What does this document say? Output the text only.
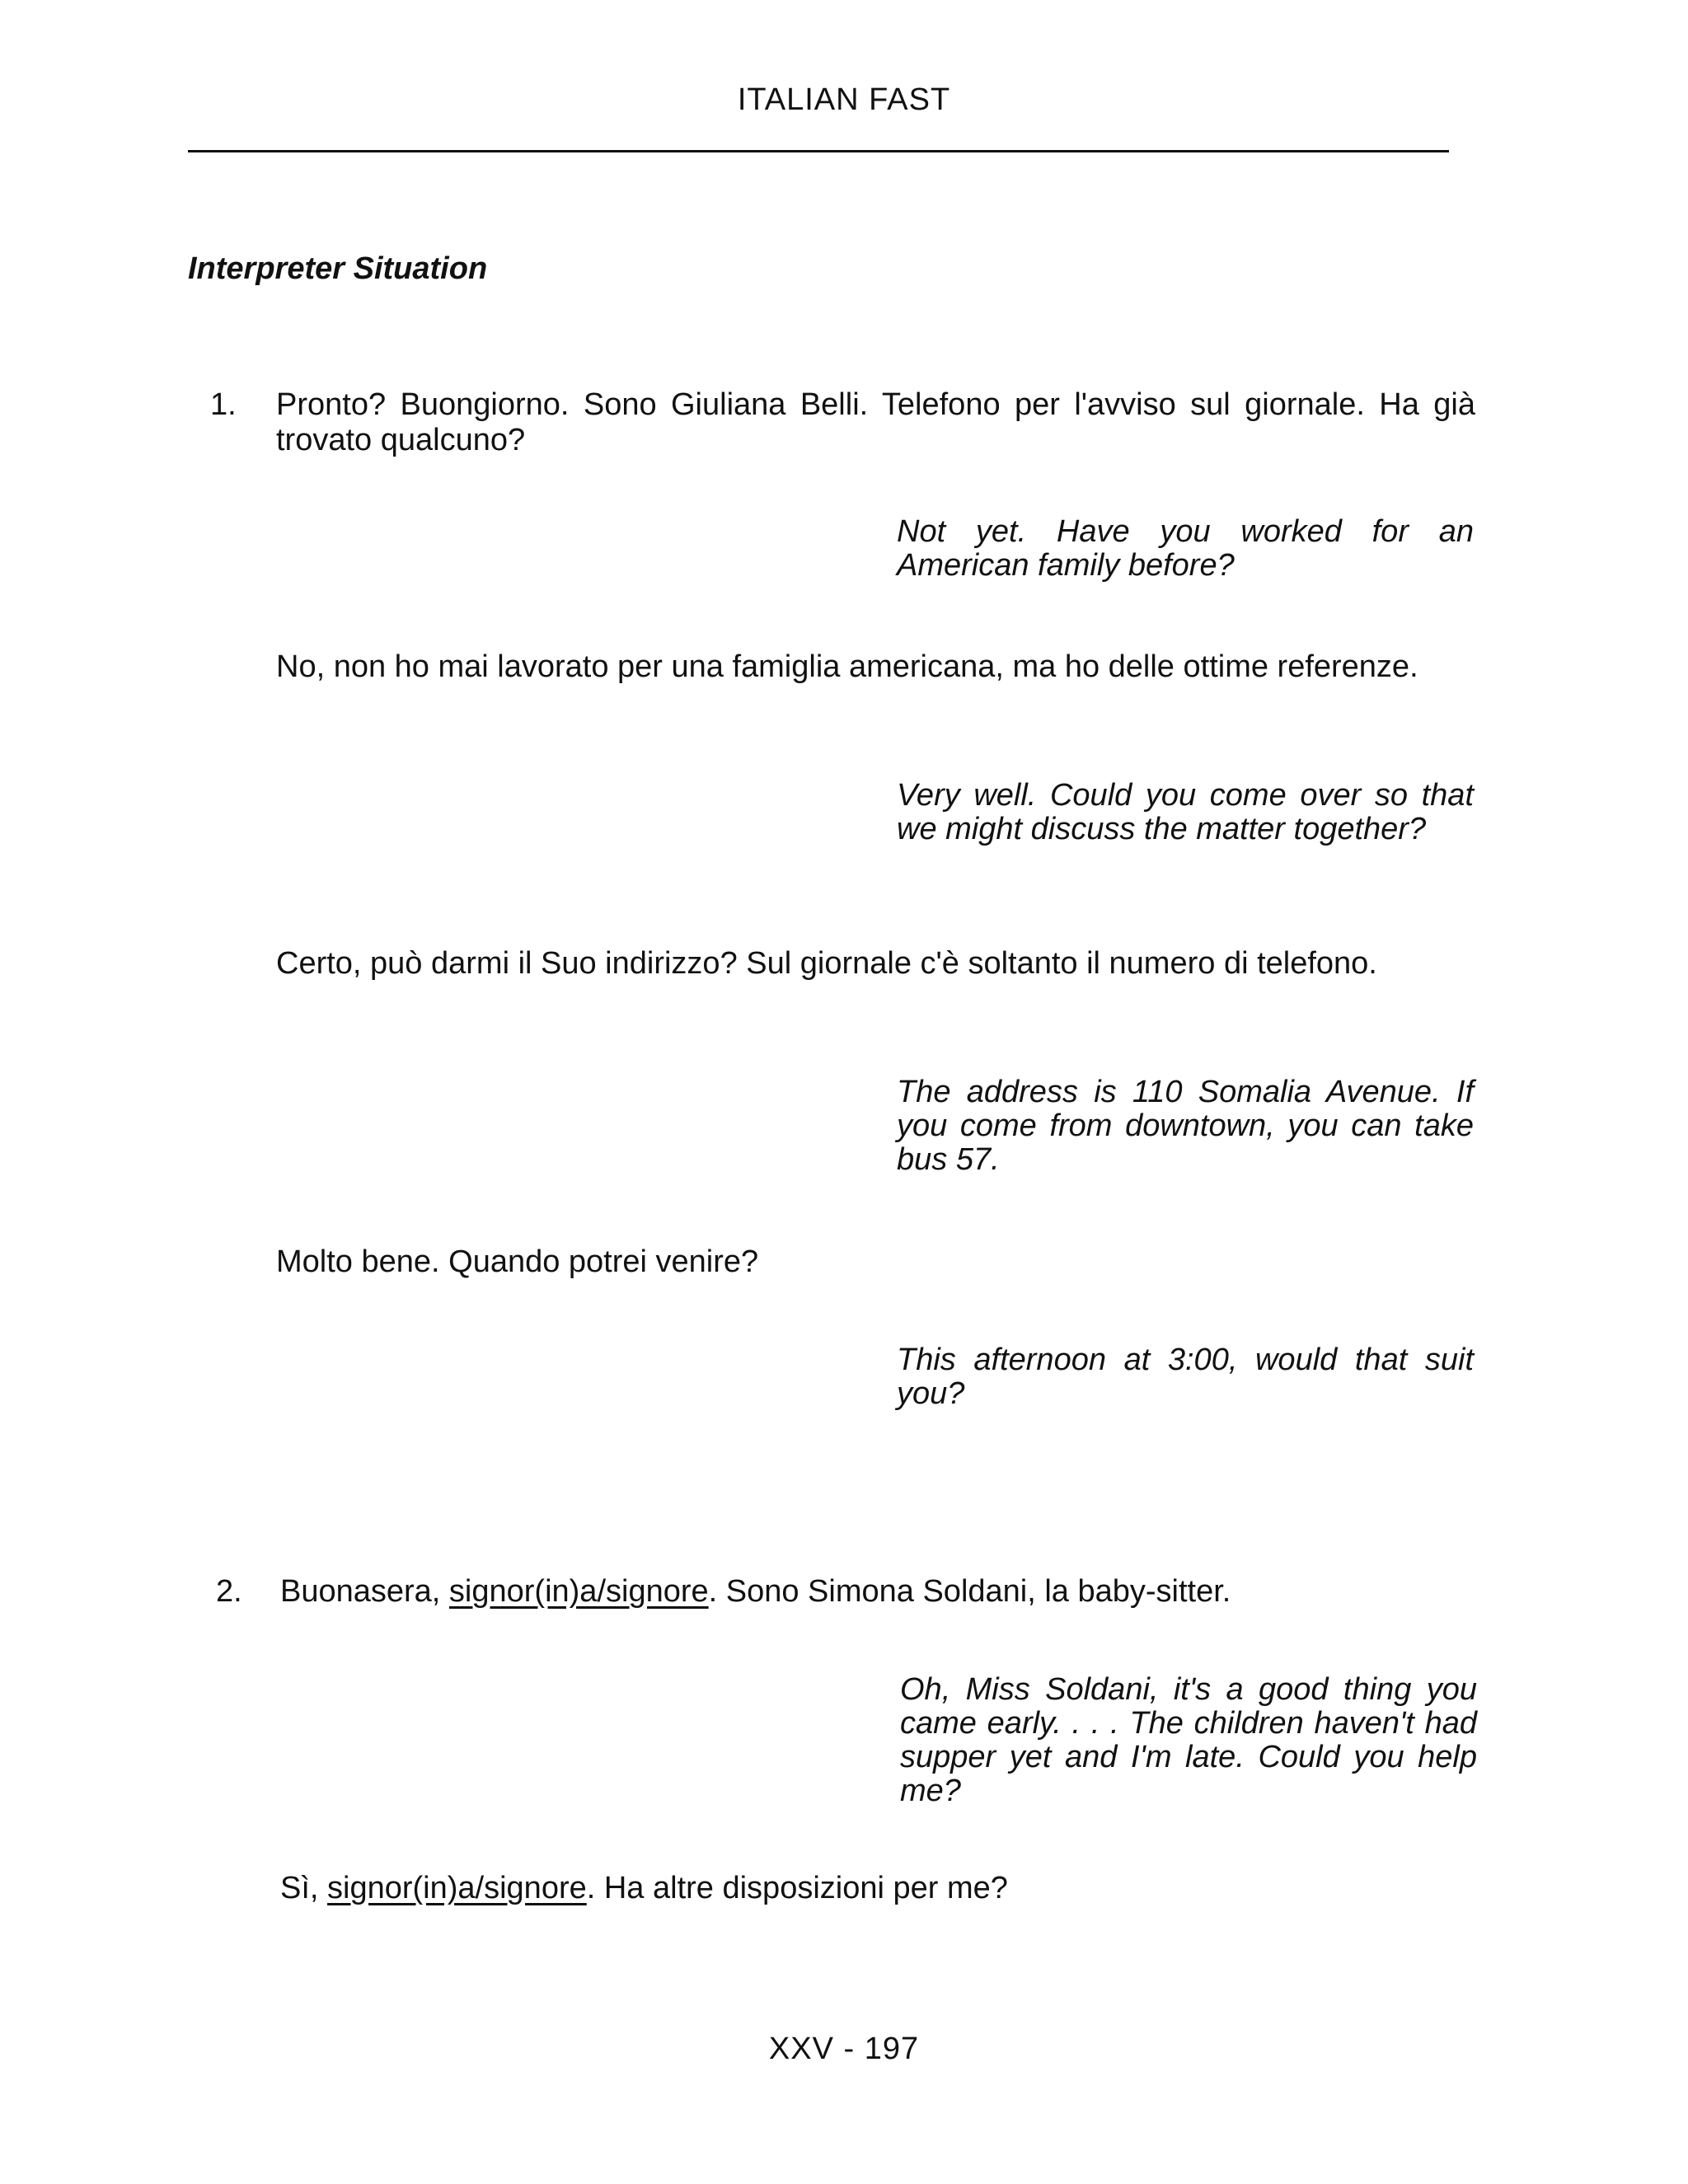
ITALIAN FAST
Interpreter Situation
1. Pronto? Buongiorno. Sono Giuliana Belli. Telefono per l'avviso sul giornale. Ha già trovato qualcuno?
Not yet. Have you worked for an American family before?
No, non ho mai lavorato per una famiglia americana, ma ho delle ottime referenze.
Very well. Could you come over so that we might discuss the matter together?
Certo, può darmi il Suo indirizzo? Sul giornale c'è soltanto il numero di telefono.
The address is 110 Somalia Avenue. If you come from downtown, you can take bus 57.
Molto bene. Quando potrei venire?
This afternoon at 3:00, would that suit you?
2. Buonasera, signor(in)a/signore. Sono Simona Soldani, la baby-sitter.
Oh, Miss Soldani, it's a good thing you came early. . . . The children haven't had supper yet and I'm late. Could you help me?
Sì, signor(in)a/signore. Ha altre disposizioni per me?
XXV - 197
